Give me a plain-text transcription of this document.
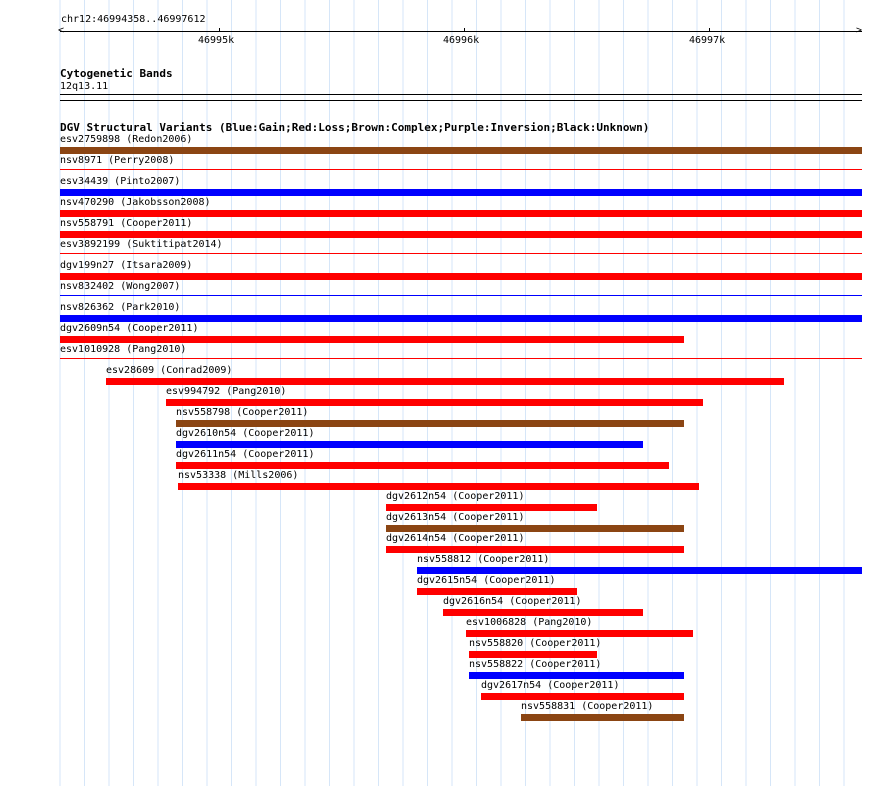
chr12:46994358..46997612
<	>
46995k	46996k	46997k
Cytogenetic Bands
12q13.11
DGV Structural Variants (Blue:Gain;Red:Loss;Brown:Complex;Purple:Inversion;Black:Unknown)
esv2759898 (Redon2006)
nsv8971 (Perry2008)
esv34439 (Pinto2007)
nsv470290 (Jakobsson2008)
nsv558791 (Cooper2011)
esv3892199 (Suktitipat2014)
dgv199n27 (Itsara2009)
nsv832402 (Wong2007)
nsv826362 (Park2010)
dgv2609n54 (Cooper2011)
esv1010928 (Pang2010)
esv28609 (Conrad2009)
esv994792 (Pang2010)
nsv558798 (Cooper2011)
dgv2610n54 (Cooper2011)
dgv2611n54 (Cooper2011)
nsv53338 (Mills2006)
dgv2612n54 (Cooper2011)
dgv2613n54 (Cooper2011)
dgv2614n54 (Cooper2011)
nsv558812 (Cooper2011)
dgv2615n54 (Cooper2011)
dgv2616n54 (Cooper2011)
esv1006828 (Pang2010)
nsv558820 (Cooper2011)
nsv558822 (Cooper2011)
dgv2617n54 (Cooper2011)
nsv558831 (Cooper2011)
